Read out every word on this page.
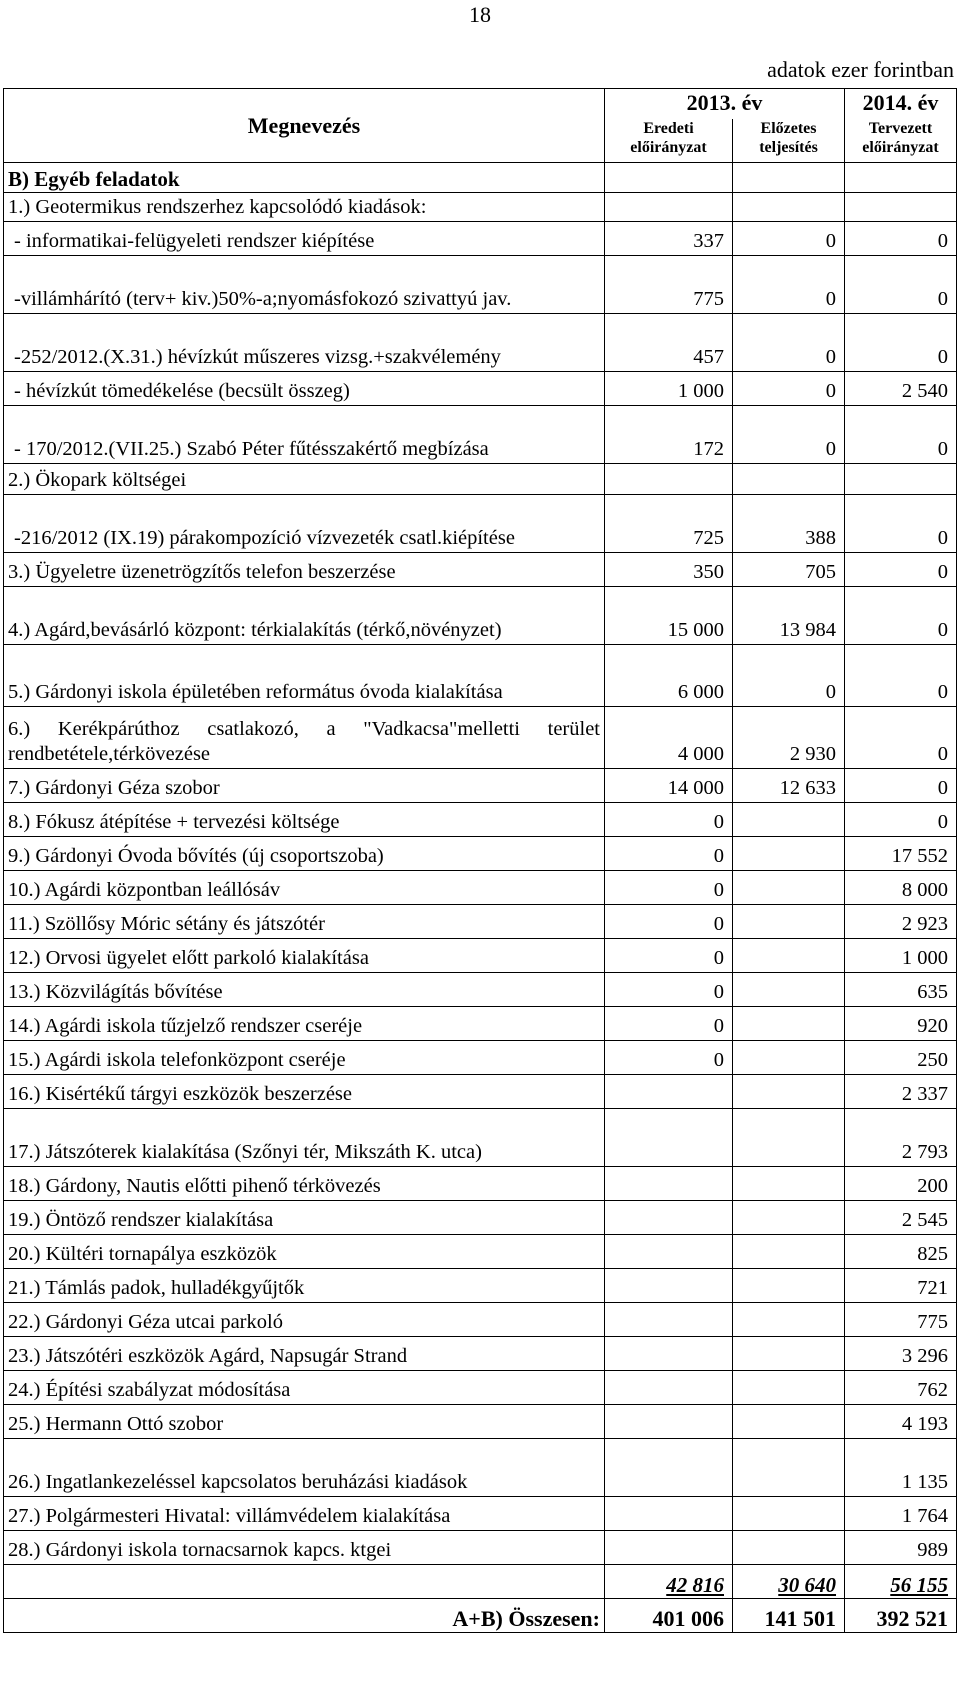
18
adatok ezer forintban
Megnevezés	2013. év		2014. év
	Eredeti előirányzat	Előzetes teljesítés	Tervezett előirányzat
B) Egyéb feladatok			
1.) Geotermikus rendszerhez kapcsolódó kiadások:			
- informatikai-felügyeleti rendszer kiépítése	337	0	0
-villámhárító (terv+ kiv.)50%-a;nyomásfokozó szivattyú jav.	775	0	0
-252/2012.(X.31.) hévízkút műszeres vizsg.+szakvélemény	457	0	0
- hévízkút tömedékelése (becsült összeg)	1 000	0	2 540
- 170/2012.(VII.25.) Szabó Péter fűtésszakértő megbízása	172	0	0
2.) Ökopark költségei			
-216/2012 (IX.19) párakompozíció vízvezeték csatl.kiépítése	725	388	0
3.) Ügyeletre üzenetrögzítős telefon beszerzése	350	705	0
4.) Agárd,bevásárló központ: térkialakítás (térkő,növényzet)	15 000	13 984	0
5.) Gárdonyi iskola épületében református óvoda kialakítása	6 000	0	0
6.) Kerékpárúthoz csatlakozó, a "Vadkacsa"melletti terület rendbetétele,térkövezése	4 000	2 930	0
7.) Gárdonyi Géza szobor	14 000	12 633	0
8.) Fókusz átépítése + tervezési költsége	0		0
9.) Gárdonyi Óvoda bővítés (új csoportszoba)	0		17 552
10.) Agárdi központban leállósáv	0		8 000
11.) Szöllősy Móric sétány és játszótér	0		2 923
12.) Orvosi ügyelet előtt parkoló kialakítása	0		1 000
13.) Közvilágítás bővítése	0		635
14.) Agárdi iskola tűzjelző rendszer cseréje	0		920
15.) Agárdi iskola telefonközpont cseréje	0		250
16.) Kisértékű tárgyi eszközök beszerzése			2 337
17.) Játszóterek kialakítása (Szőnyi tér, Mikszáth K. utca)			2 793
18.) Gárdony, Nautis előtti pihenő térkövezés			200
19.) Öntöző rendszer kialakítása			2 545
20.) Kültéri tornapálya eszközök			825
21.) Támlás padok, hulladékgyűjtők			721
22.) Gárdonyi Géza utcai parkoló			775
23.) Játszótéri eszközök Agárd, Napsugár Strand			3 296
24.) Építési szabályzat módosítása			762
25.) Hermann Ottó szobor			4 193
26.) Ingatlankezeléssel kapcsolatos beruházási kiadások			1 135
27.) Polgármesteri Hivatal: villámvédelem kialakítása			1 764
28.) Gárdonyi iskola tornacsarnok kapcs. ktgei			989
	42 816	30 640	56 155
A+B) Összesen:	401 006	141 501	392 521
